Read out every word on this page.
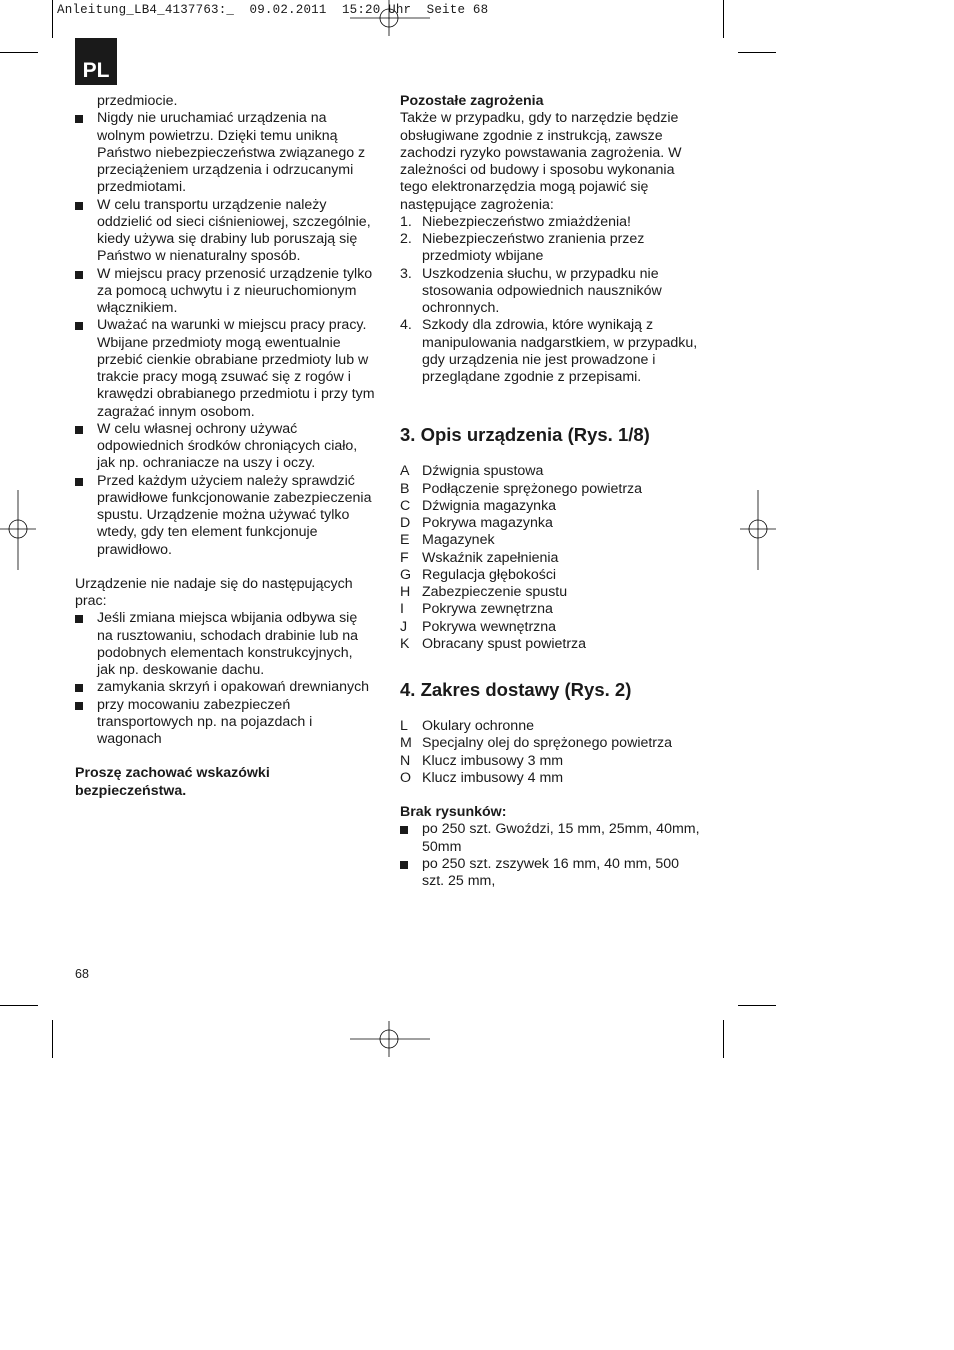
Anleitung_LB4_4137763:_  09.02.2011  15:20 Uhr  Seite 68
PL

przedmiocie.

Nigdy nie uruchamiać urządzenia na
wolnym powietrzu. Dzięki temu unikną
Państwo niebezpieczeństwa związanego z
przeciążeniem urządzenia i odrzucanymi
przedmiotami.
W celu transportu urządzenie należy
oddzielić od sieci ciśnieniowej, szczególnie,
kiedy używa się drabiny lub poruszają się
Państwo w nienaturalny sposób.
W miejscu pracy przenosić urządzenie tylko
za pomocą uchwytu i z nieuruchomionym
włącznikiem.
Uważać na warunki w miejscu pracy pracy.
Wbijane przedmioty mogą ewentualnie
przebić cienkie obrabiane przedmioty lub w
trakcie pracy mogą zsuwać się z rogów i
krawędzi obrabianego przedmiotu i przy tym
zagrażać innym osobom.
W celu własnej ochrony używać
odpowiednich środków chroniących ciało,
jak np. ochraniacze na uszy i oczy.
Przed każdym użyciem należy sprawdzić
prawidłowe funkcjonowanie zabezpieczenia
spustu. Urządzenie można używać tylko
wtedy, gdy ten element funkcjonuje
prawidłowo.

Urządzenie nie nadaje się do następujących

prac:

Jeśli zmiana miejsca wbijania odbywa się
na rusztowaniu, schodach drabinie lub na
podobnych elementach konstrukcyjnych,
jak np. deskowanie dachu.
zamykania skrzyń i opakowań drewnianych
przy mocowaniu zabezpieczeń
transportowych np. na pojazdach i
wagonach

Proszę zachować wskazówki

bezpieczeństwa.

Pozostałe zagrożenia

Także w przypadku, gdy to narzędzie będzie

obsługiwane zgodnie z instrukcją, zawsze

zachodzi ryzyko powstawania zagrożenia. W

zależności od budowy i sposobu wykonania

tego elektronarzędzia mogą pojawić się

następujące zagrożenia:

1. Niebezpieczeństwo zmiażdżenia!
2. Niebezpieczeństwo zranienia przez
przedmioty wbijane
3. Uszkodzenia słuchu, w przypadku nie
stosowania odpowiednich nauszników
ochronnych.
4. Szkody dla zdrowia, które wynikają z
manipulowania nadgarstkiem, w przypadku,
gdy urządzenia nie jest prowadzone i
przeglądane zgodnie z przepisami.
3. Opis urządzenia (Rys. 1/8)
A Dźwignia spustowa
B Podłączenie sprężonego powietrza
C Dźwignia magazynka
D Pokrywa magazynka
E Magazynek
F Wskaźnik zapełnienia
G Regulacja głębokości
H Zabezpieczenie spustu
I Pokrywa zewnętrzna
J Pokrywa wewnętrzna
K Obracany spust powietrza
4. Zakres dostawy (Rys. 2)
L Okulary ochronne
M Specjalny olej do sprężonego powietrza
N Klucz imbusowy 3 mm
O Klucz imbusowy 4 mm

Brak rysunków:

po 250 szt. Gwoździ, 15 mm, 25mm, 40mm,
50mm
po 250 szt. zszywek 16 mm, 40 mm, 500
szt. 25 mm,
68
